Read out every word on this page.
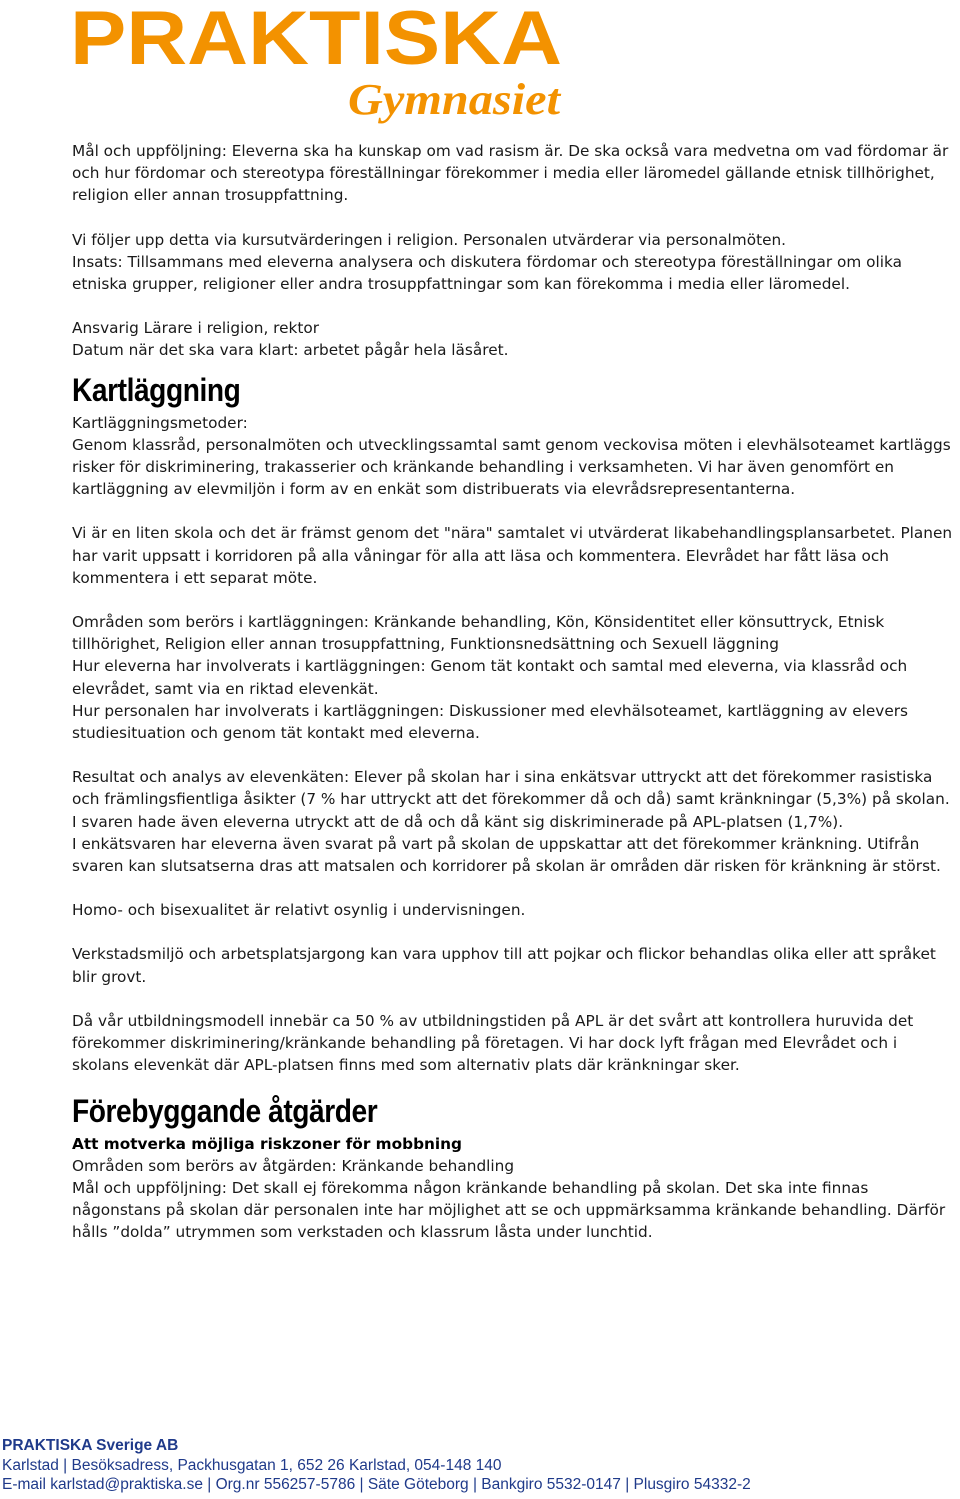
PRAKTISKA
Gymnasiet

Mål och uppföljning: Eleverna ska ha kunskap om vad rasism är. De ska också vara medvetna om vad fördomar är och hur fördomar och stereotypa föreställningar förekommer i media eller läromedel gällande etnisk tillhörighet, religion eller annan trosuppfattning.

Vi följer upp detta via kursutvärderingen i religion. Personalen utvärderar via personalmöten.

Insats: Tillsammans med eleverna analysera och diskutera fördomar och stereotypa föreställningar om olika etniska grupper, religioner eller andra trosuppfattningar som kan förekomma i media eller läromedel.

Ansvarig Lärare i religion, rektor

Datum när det ska vara klart: arbetet pågår hela läsåret.

Kartläggning

Kartläggningsmetoder:

Genom klassråd, personalmöten och utvecklingssamtal samt genom veckovisa möten i elevhälsoteamet kartläggs risker för diskriminering, trakasserier och kränkande behandling i verksamheten. Vi har även genomfört en kartläggning av elevmiljön i form av en enkät som distribuerats via elevrådsrepresentanterna.

Vi är en liten skola och det är främst genom det "nära" samtalet vi utvärderat likabehandlingsplansarbetet. Planen har varit uppsatt i korridoren på alla våningar för alla att läsa och kommentera. Elevrådet har fått läsa och kommentera i ett separat möte.

Områden som berörs i kartläggningen: Kränkande behandling, Kön, Könsidentitet eller könsuttryck, Etnisk tillhörighet, Religion eller annan trosuppfattning, Funktionsnedsättning och Sexuell läggning

Hur eleverna har involverats i kartläggningen: Genom tät kontakt och samtal med eleverna, via klassråd och elevrådet, samt via en riktad elevenkät.

Hur personalen har involverats i kartläggningen: Diskussioner med elevhälsoteamet, kartläggning av elevers studiesituation och genom tät kontakt med eleverna.

Resultat och analys av elevenkäten: Elever på skolan har i sina enkätsvar uttryckt att det förekommer rasistiska och främlingsfientliga åsikter (7 % har uttryckt att det förekommer då och då) samt kränkningar (5,3%) på skolan. I svaren hade även eleverna utryckt att de då och då känt sig diskriminerade på APL-platsen (1,7%).

I enkätsvaren har eleverna även svarat på vart på skolan de uppskattar att det förekommer kränkning. Utifrån svaren kan slutsatserna dras att matsalen och korridorer på skolan är områden där risken för kränkning är störst.

Homo- och bisexualitet är relativt osynlig i undervisningen.

Verkstadsmiljö och arbetsplatsjargong kan vara upphov till att pojkar och flickor behandlas olika eller att språket blir grovt.

Då vår utbildningsmodell innebär ca 50 % av utbildningstiden på APL är det svårt att kontrollera huruvida det förekommer diskriminering/kränkande behandling på företagen. Vi har dock lyft frågan med Elevrådet och i skolans elevenkät där APL-platsen finns med som alternativ plats där kränkningar sker.

Förebyggande åtgärder

Att motverka möjliga riskzoner för mobbning

Områden som berörs av åtgärden: Kränkande behandling

Mål och uppföljning: Det skall ej förekomma någon kränkande behandling på skolan. Det ska inte finnas någonstans på skolan där personalen inte har möjlighet att se och uppmärksamma kränkande behandling. Därför hålls ”dolda” utrymmen som verkstaden och klassrum låsta under lunchtid.

PRAKTISKA Sverige AB
Karlstad | Besöksadress, Packhusgatan 1, 652 26 Karlstad, 054-148 140
E-mail karlstad@praktiska.se | Org.nr 556257-5786 | Säte Göteborg | Bankgiro 5532-0147 | Plusgiro 54332-2
